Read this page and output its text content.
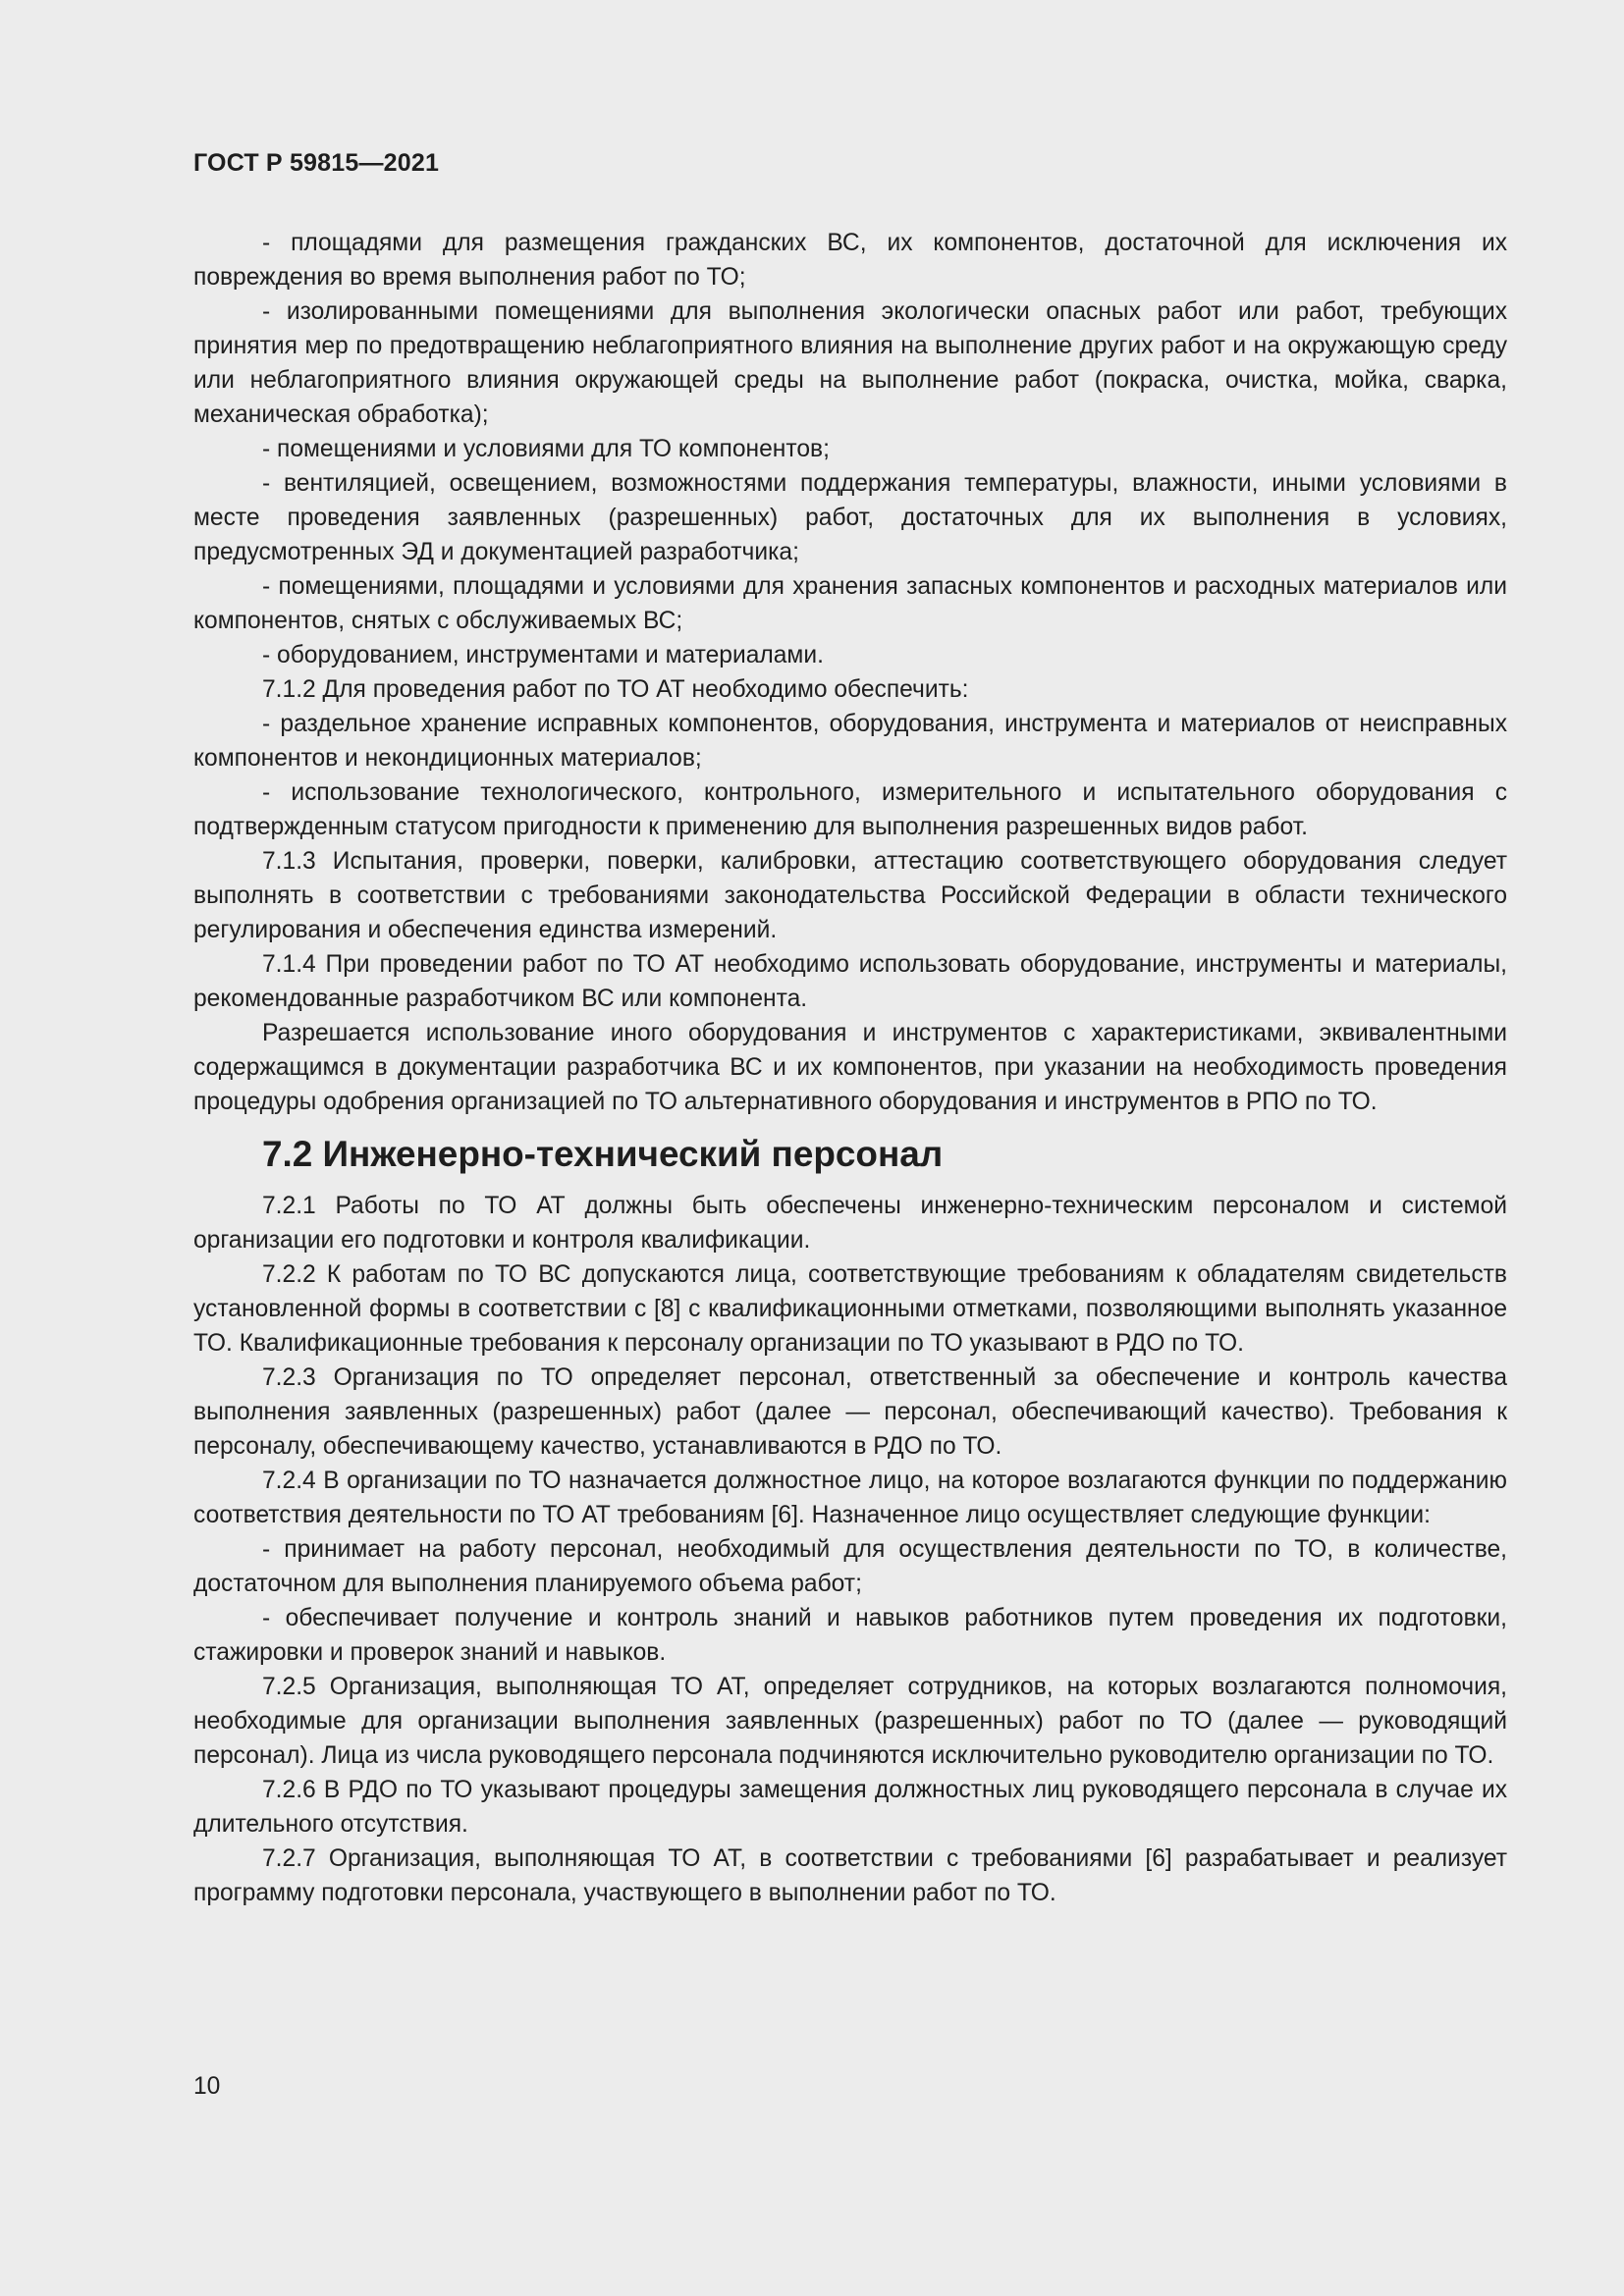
ГОСТ Р 59815—2021

- площадями для размещения гражданских ВС, их компонентов, достаточной для исключения их повреждения во время выполнения работ по ТО;

- изолированными помещениями для выполнения экологически опасных работ или работ, требующих принятия мер по предотвращению неблагоприятного влияния на выполнение других работ и на окружающую среду или неблагоприятного влияния окружающей среды на выполнение работ (покраска, очистка, мойка, сварка, механическая обработка);

- помещениями и условиями для ТО компонентов;

- вентиляцией, освещением, возможностями поддержания температуры, влажности, иными условиями в месте проведения заявленных (разрешенных) работ, достаточных для их выполнения в условиях, предусмотренных ЭД и документацией разработчика;

- помещениями, площадями и условиями для хранения запасных компонентов и расходных материалов или компонентов, снятых с обслуживаемых ВС;

- оборудованием, инструментами и материалами.

7.1.2 Для проведения работ по ТО АТ необходимо обеспечить:

- раздельное хранение исправных компонентов, оборудования, инструмента и материалов от неисправных компонентов и некондиционных материалов;

- использование технологического, контрольного, измерительного и испытательного оборудования с подтвержденным статусом пригодности к применению для выполнения разрешенных видов работ.

7.1.3 Испытания, проверки, поверки, калибровки, аттестацию соответствующего оборудования следует выполнять в соответствии с требованиями законодательства Российской Федерации в области технического регулирования и обеспечения единства измерений.

7.1.4 При проведении работ по ТО АТ необходимо использовать оборудование, инструменты и материалы, рекомендованные разработчиком ВС или компонента.

Разрешается использование иного оборудования и инструментов с характеристиками, эквивалентными содержащимся в документации разработчика ВС и их компонентов, при указании на необходимость проведения процедуры одобрения организацией по ТО альтернативного оборудования и инструментов в РПО по ТО.

7.2 Инженерно-технический персонал

7.2.1 Работы по ТО АТ должны быть обеспечены инженерно-техническим персоналом и системой организации его подготовки и контроля квалификации.

7.2.2 К работам по ТО ВС допускаются лица, соответствующие требованиям к обладателям свидетельств установленной формы в соответствии с [8] с квалификационными отметками, позволяющими выполнять указанное ТО. Квалификационные требования к персоналу организации по ТО указывают в РДО по ТО.

7.2.3 Организация по ТО определяет персонал, ответственный за обеспечение и контроль качества выполнения заявленных (разрешенных) работ (далее — персонал, обеспечивающий качество). Требования к персоналу, обеспечивающему качество, устанавливаются в РДО по ТО.

7.2.4 В организации по ТО назначается должностное лицо, на которое возлагаются функции по поддержанию соответствия деятельности по ТО АТ требованиям [6]. Назначенное лицо осуществляет следующие функции:

- принимает на работу персонал, необходимый для осуществления деятельности по ТО, в количестве, достаточном для выполнения планируемого объема работ;

- обеспечивает получение и контроль знаний и навыков работников путем проведения их подготовки, стажировки и проверок знаний и навыков.

7.2.5 Организация, выполняющая ТО АТ, определяет сотрудников, на которых возлагаются полномочия, необходимые для организации выполнения заявленных (разрешенных) работ по ТО (далее — руководящий персонал). Лица из числа руководящего персонала подчиняются исключительно руководителю организации по ТО.

7.2.6 В РДО по ТО указывают процедуры замещения должностных лиц руководящего персонала в случае их длительного отсутствия.

7.2.7 Организация, выполняющая ТО АТ, в соответствии с требованиями [6] разрабатывает и реализует программу подготовки персонала, участвующего в выполнении работ по ТО.

10
